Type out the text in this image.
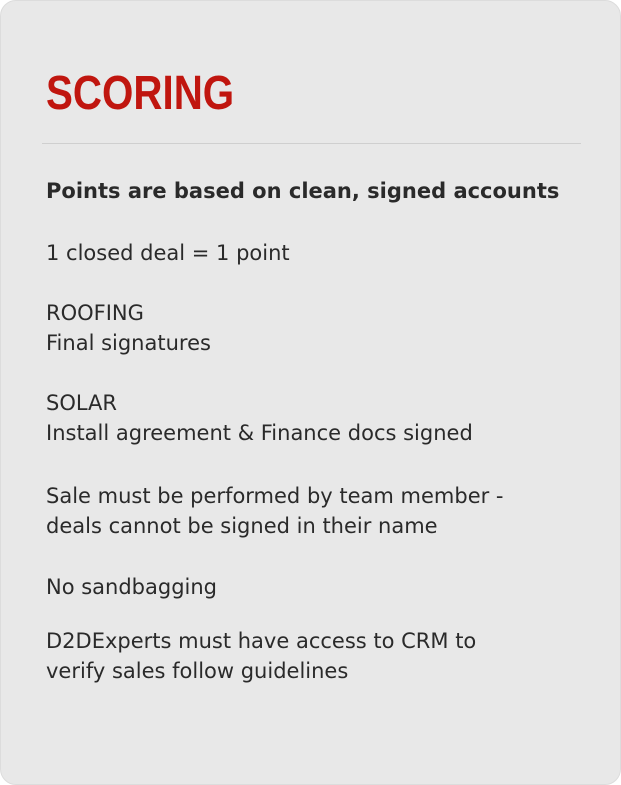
SCORING

Points are based on clean, signed accounts

1 closed deal = 1 point

ROOFING

Final signatures

SOLAR

Install agreement & Finance docs signed

Sale must be performed by team member -

deals cannot be signed in their name

No sandbagging

D2DExperts must have access to CRM to

verify sales follow guidelines
